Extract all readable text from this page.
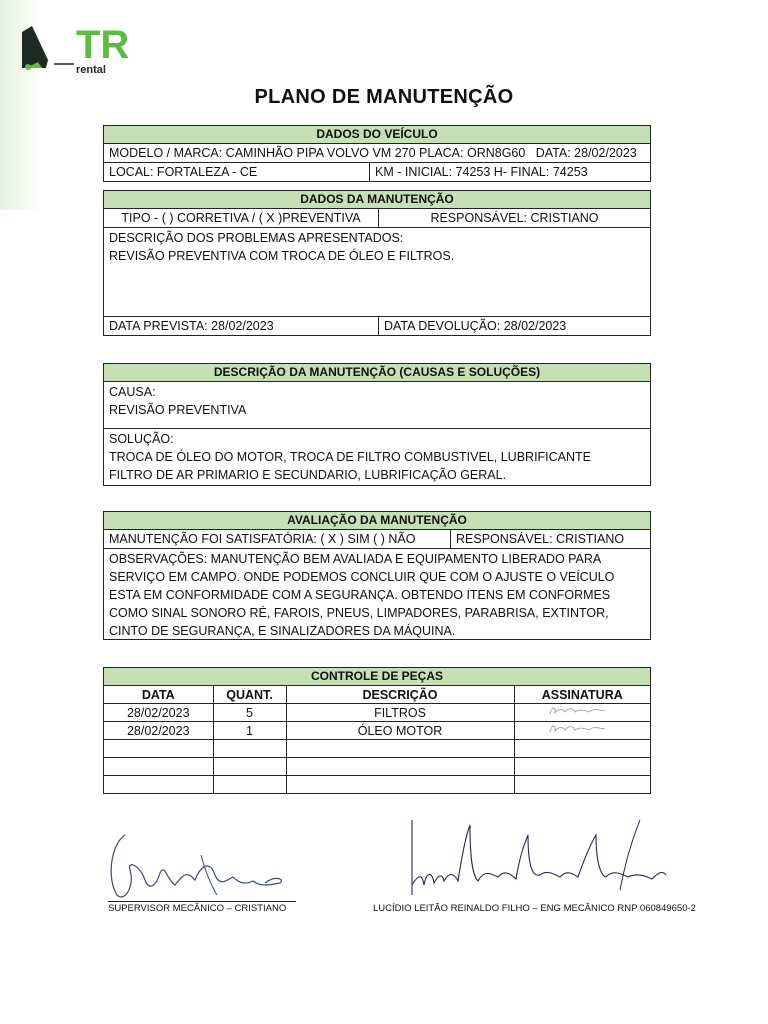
TR
rental
PLANO DE MANUTENÇÃO
DADOS DO VEÍCULO
MODELO / MARCA: CAMINHÃO PIPA VOLVO VM 270 PLACA: ORN8G60 DATA: 28/02/2023
LOCAL: FORTALEZA - CE	KM - INICIAL: 74253 H- FINAL: 74253
DADOS DA MANUTENÇÃO
TIPO - ( ) CORRETIVA / ( X )PREVENTIVA	RESPONSÁVEL: CRISTIANO
DESCRIÇÃO DOS PROBLEMAS APRESENTADOS:
REVISÃO PREVENTIVA COM TROCA DE ÓLEO E FILTROS.
DATA PREVISTA: 28/02/2023	DATA DEVOLUÇÃO: 28/02/2023
DESCRIÇÃO DA MANUTENÇÃO (CAUSAS E SOLUÇÕES)
CAUSA:
REVISÃO PREVENTIVA
SOLUÇÃO:
TROCA DE ÓLEO DO MOTOR, TROCA DE FILTRO COMBUSTIVEL, LUBRIFICANTE
FILTRO DE AR PRIMARIO E SECUNDARIO, LUBRIFICAÇÃO GERAL.
AVALIAÇÃO DA MANUTENÇÃO
MANUTENÇÃO FOI SATISFATÓRIA: ( X ) SIM ( ) NÃO	RESPONSÁVEL: CRISTIANO
OBSERVAÇÕES: MANUTENÇÃO BEM AVALIADA E EQUIPAMENTO LIBERADO PARA
SERVIÇO EM CAMPO. ONDE PODEMOS CONCLUIR QUE COM O AJUSTE O VEÍCULO
ESTA EM CONFORMIDADE COM A SEGURANÇA. OBTENDO ITENS EM CONFORMES
COMO SINAL SONORO RÉ, FAROIS, PNEUS, LIMPADORES, PARABRISA, EXTINTOR,
CINTO DE SEGURANÇA, E SINALIZADORES DA MÁQUINA.
CONTROLE DE PEÇAS
DATA	QUANT.	DESCRIÇÃO	ASSINATURA
28/02/2023	5	FILTROS	
28/02/2023	1	ÓLEO MOTOR	

SUPERVISOR MECÂNICO – CRISTIANO	LUCÍDIO LEITÃO REINALDO FILHO – ENG MECÂNICO RNP 060849650-2
